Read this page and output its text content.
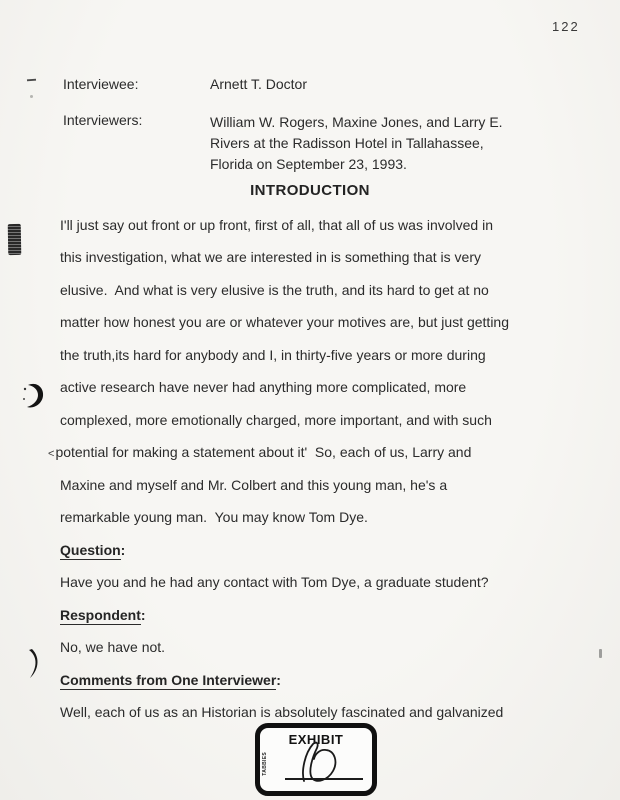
122
Interviewee:	Arnett T. Doctor
Interviewers:	William W. Rogers, Maxine Jones, and Larry E.
Rivers at the Radisson Hotel in Tallahassee,
Florida on September 23, 1993.
INTRODUCTION
I'll just say out front or up front, first of all, that all of us was involved in
this investigation, what we are interested in is something that is very
elusive.  And what is very elusive is the truth, and its hard to get at no
matter how honest you are or whatever your motives are, but just getting
the truth,its hard for anybody and I, in thirty-five years or more during
active research have never had anything more complicated, more
complexed, more emotionally charged, more important, and with such
<potential for making a statement about it'  So, each of us, Larry and
Maxine and myself and Mr. Colbert and this young man, he's a
remarkable young man.  You may know Tom Dye.
Question:
Have you and he had any contact with Tom Dye, a graduate student?
Respondent:
No, we have not.
Comments from One Interviewer:
Well, each of us as an Historian is absolutely fascinated and galvanized
EXHIBIT
TABBIES
